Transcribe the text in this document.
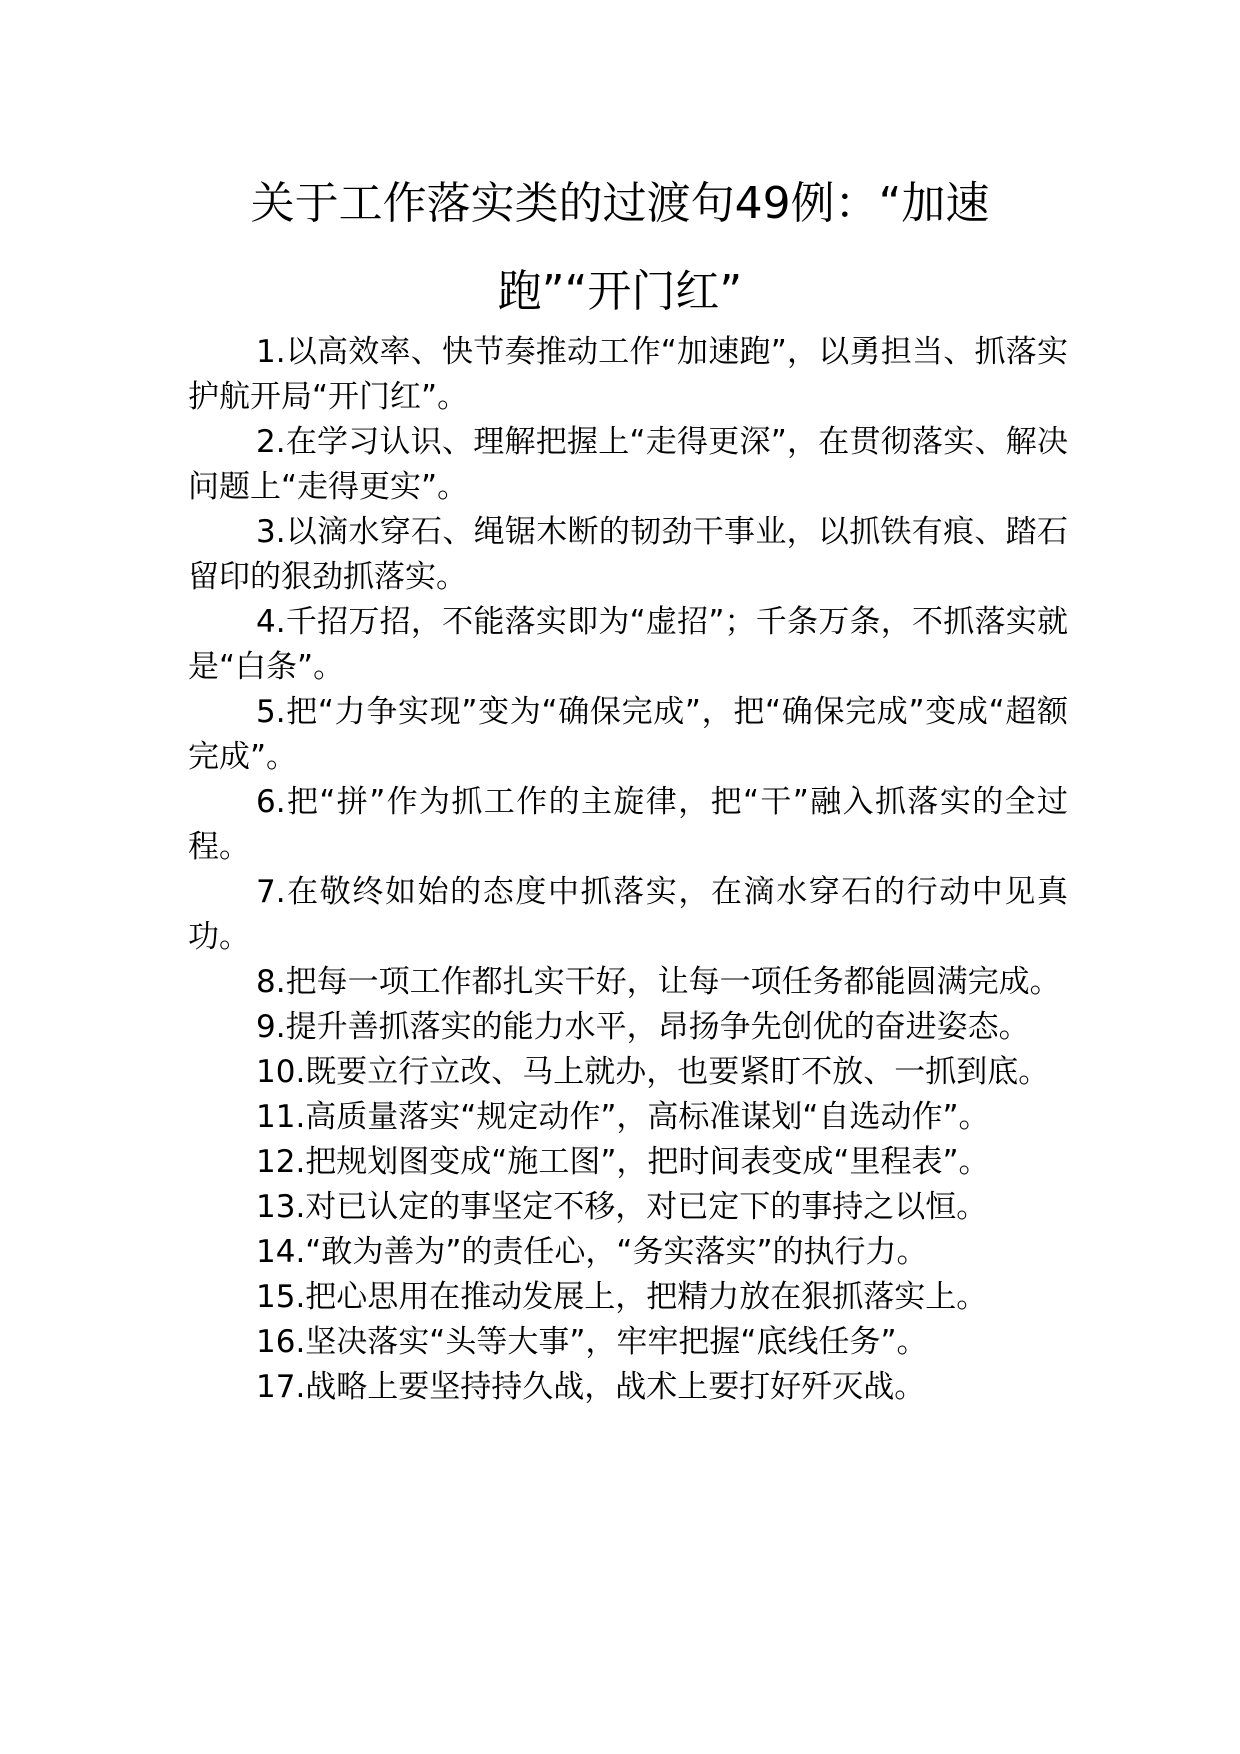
关于工作落实类的过渡句49例：“加速跑”“开门红”

1.以高效率、快节奏推动工作“加速跑”，以勇担当、抓落实护航开局“开门红”。

2.在学习认识、理解把握上“走得更深”，在贯彻落实、解决问题上“走得更实”。

3.以滴水穿石、绳锯木断的韧劲干事业，以抓铁有痕、踏石留印的狠劲抓落实。

4.千招万招，不能落实即为“虚招”；千条万条，不抓落实就是“白条”。

5.把“力争实现”变为“确保完成”，把“确保完成”变成“超额完成”。

6.把“拼”作为抓工作的主旋律，把“干”融入抓落实的全过程。

7.在敬终如始的态度中抓落实，在滴水穿石的行动中见真功。

8.把每一项工作都扎实干好，让每一项任务都能圆满完成。

9.提升善抓落实的能力水平，昂扬争先创优的奋进姿态。

10.既要立行立改、马上就办，也要紧盯不放、一抓到底。

11.高质量落实“规定动作”，高标准谋划“自选动作”。

12.把规划图变成“施工图”，把时间表变成“里程表”。

13.对已认定的事坚定不移，对已定下的事持之以恒。

14.“敢为善为”的责任心，“务实落实”的执行力。

15.把心思用在推动发展上，把精力放在狠抓落实上。

16.坚决落实“头等大事”，牢牢把握“底线任务”。

17.战略上要坚持持久战，战术上要打好歼灭战。
